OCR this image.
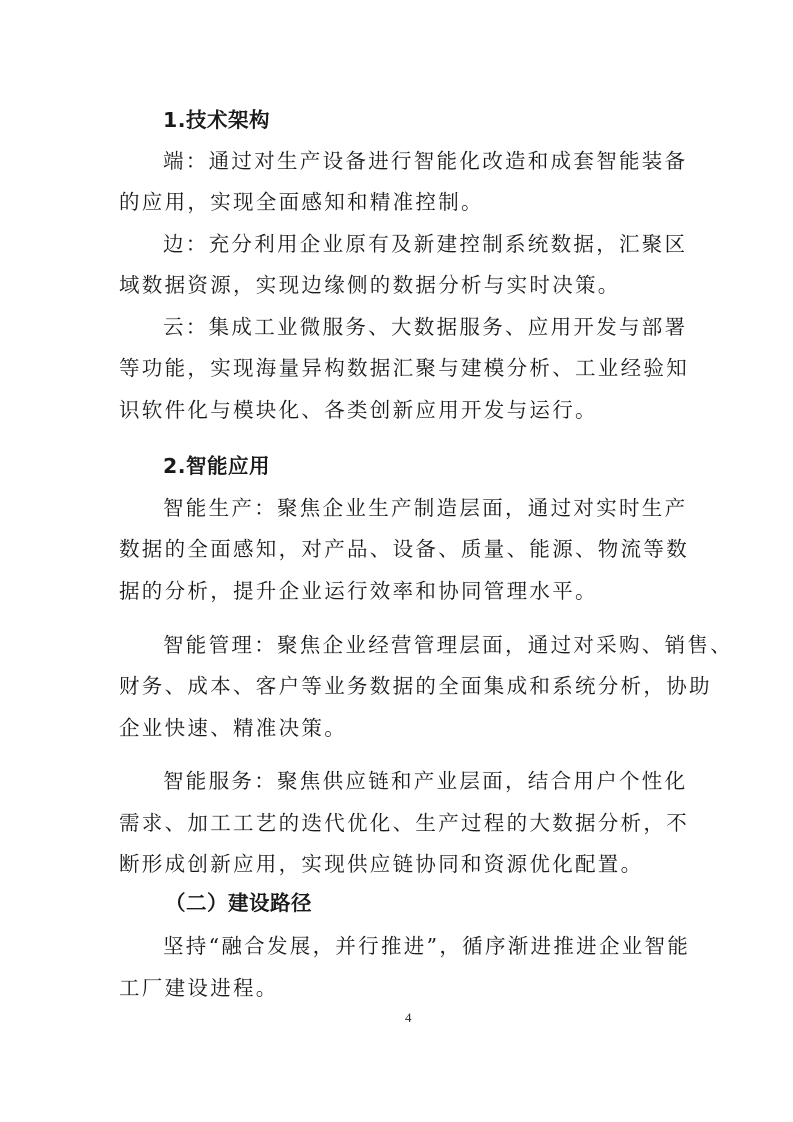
1.技术架构
端：通过对生产设备进行智能化改造和成套智能装备
的应用，实现全面感知和精准控制。
边：充分利用企业原有及新建控制系统数据，汇聚区
域数据资源，实现边缘侧的数据分析与实时决策。
云：集成工业微服务、大数据服务、应用开发与部署
等功能，实现海量异构数据汇聚与建模分析、工业经验知
识软件化与模块化、各类创新应用开发与运行。
2.智能应用
智能生产：聚焦企业生产制造层面，通过对实时生产
数据的全面感知，对产品、设备、质量、能源、物流等数
据的分析，提升企业运行效率和协同管理水平。
智能管理：聚焦企业经营管理层面，通过对采购、销售、
财务、成本、客户等业务数据的全面集成和系统分析，协助
企业快速、精准决策。
智能服务：聚焦供应链和产业层面，结合用户个性化
需求、加工工艺的迭代优化、生产过程的大数据分析，不
断形成创新应用，实现供应链协同和资源优化配置。
（二）建设路径
坚持“融合发展，并行推进”，循序渐进推进企业智能
工厂建设进程。
4
